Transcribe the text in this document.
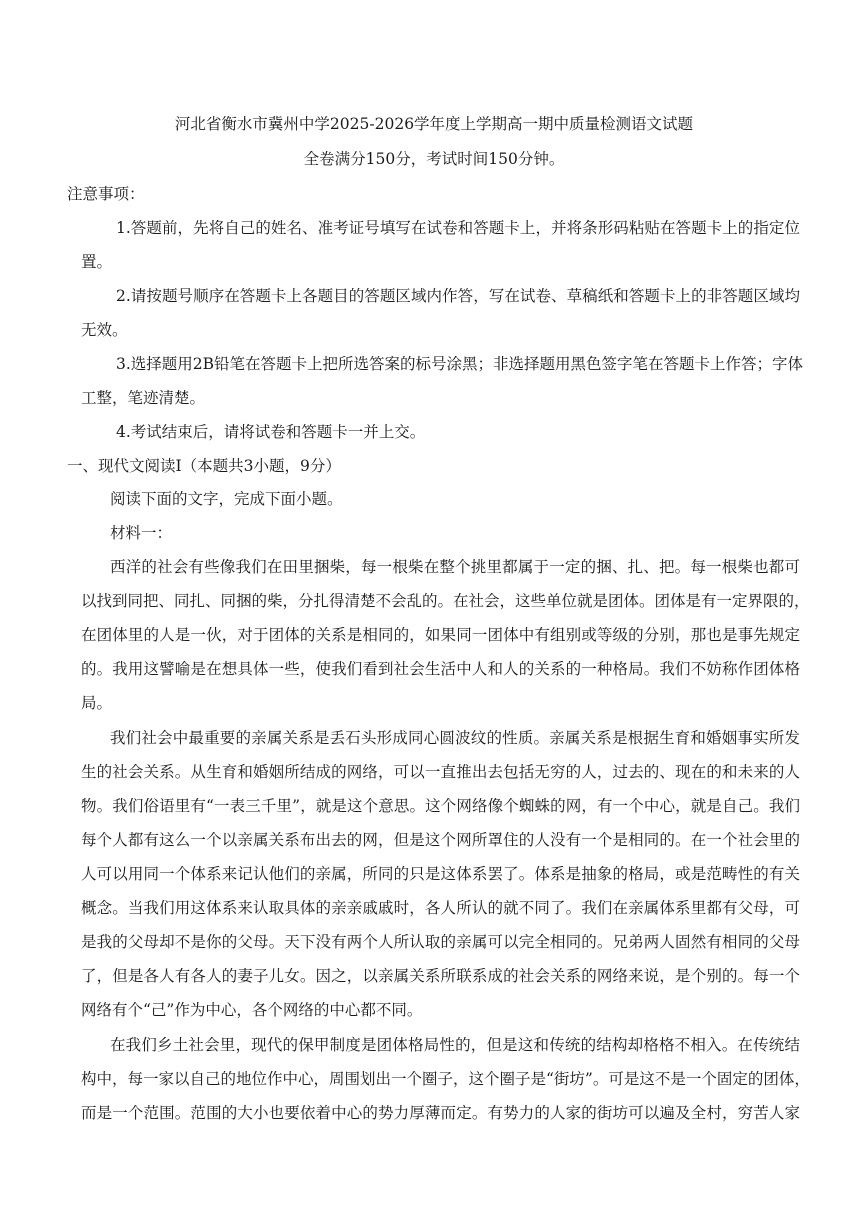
河北省衡水市冀州中学2025-2026学年度上学期高一期中质量检测语文试题
全卷满分150分，考试时间150分钟。
注意事项：
1.答题前，先将自己的姓名、准考证号填写在试卷和答题卡上，并将条形码粘贴在答题卡上的指定位
置。
2.请按题号顺序在答题卡上各题目的答题区域内作答，写在试卷、草稿纸和答题卡上的非答题区域均
无效。
3.选择题用2B铅笔在答题卡上把所选答案的标号涂黑；非选择题用黑色签字笔在答题卡上作答；字体
工整，笔迹清楚。
4.考试结束后，请将试卷和答题卡一并上交。
一、现代文阅读Ⅰ（本题共3小题，9分）
阅读下面的文字，完成下面小题。
材料一：
西洋的社会有些像我们在田里捆柴，每一根柴在整个挑里都属于一定的捆、扎、把。每一根柴也都可
以找到同把、同扎、同捆的柴，分扎得清楚不会乱的。在社会，这些单位就是团体。团体是有一定界限的，
在团体里的人是一伙，对于团体的关系是相同的，如果同一团体中有组别或等级的分别，那也是事先规定
的。我用这譬喻是在想具体一些，使我们看到社会生活中人和人的关系的一种格局。我们不妨称作团体格
局。
我们社会中最重要的亲属关系是丢石头形成同心圆波纹的性质。亲属关系是根据生育和婚姻事实所发
生的社会关系。从生育和婚姻所结成的网络，可以一直推出去包括无穷的人，过去的、现在的和未来的人
物。我们俗语里有“一表三千里”，就是这个意思。这个网络像个蜘蛛的网，有一个中心，就是自己。我们
每个人都有这么一个以亲属关系布出去的网，但是这个网所罩住的人没有一个是相同的。在一个社会里的
人可以用同一个体系来记认他们的亲属，所同的只是这体系罢了。体系是抽象的格局，或是范畴性的有关
概念。当我们用这体系来认取具体的亲亲戚戚时，各人所认的就不同了。我们在亲属体系里都有父母，可
是我的父母却不是你的父母。天下没有两个人所认取的亲属可以完全相同的。兄弟两人固然有相同的父母
了，但是各人有各人的妻子儿女。因之，以亲属关系所联系成的社会关系的网络来说，是个别的。每一个
网络有个“己”作为中心，各个网络的中心都不同。
在我们乡土社会里，现代的保甲制度是团体格局性的，但是这和传统的结构却格格不相入。在传统结
构中，每一家以自己的地位作中心，周围划出一个圈子，这个圈子是“街坊”。可是这不是一个固定的团体，
而是一个范围。范围的大小也要依着中心的势力厚薄而定。有势力的人家的街坊可以遍及全村，穷苦人家
